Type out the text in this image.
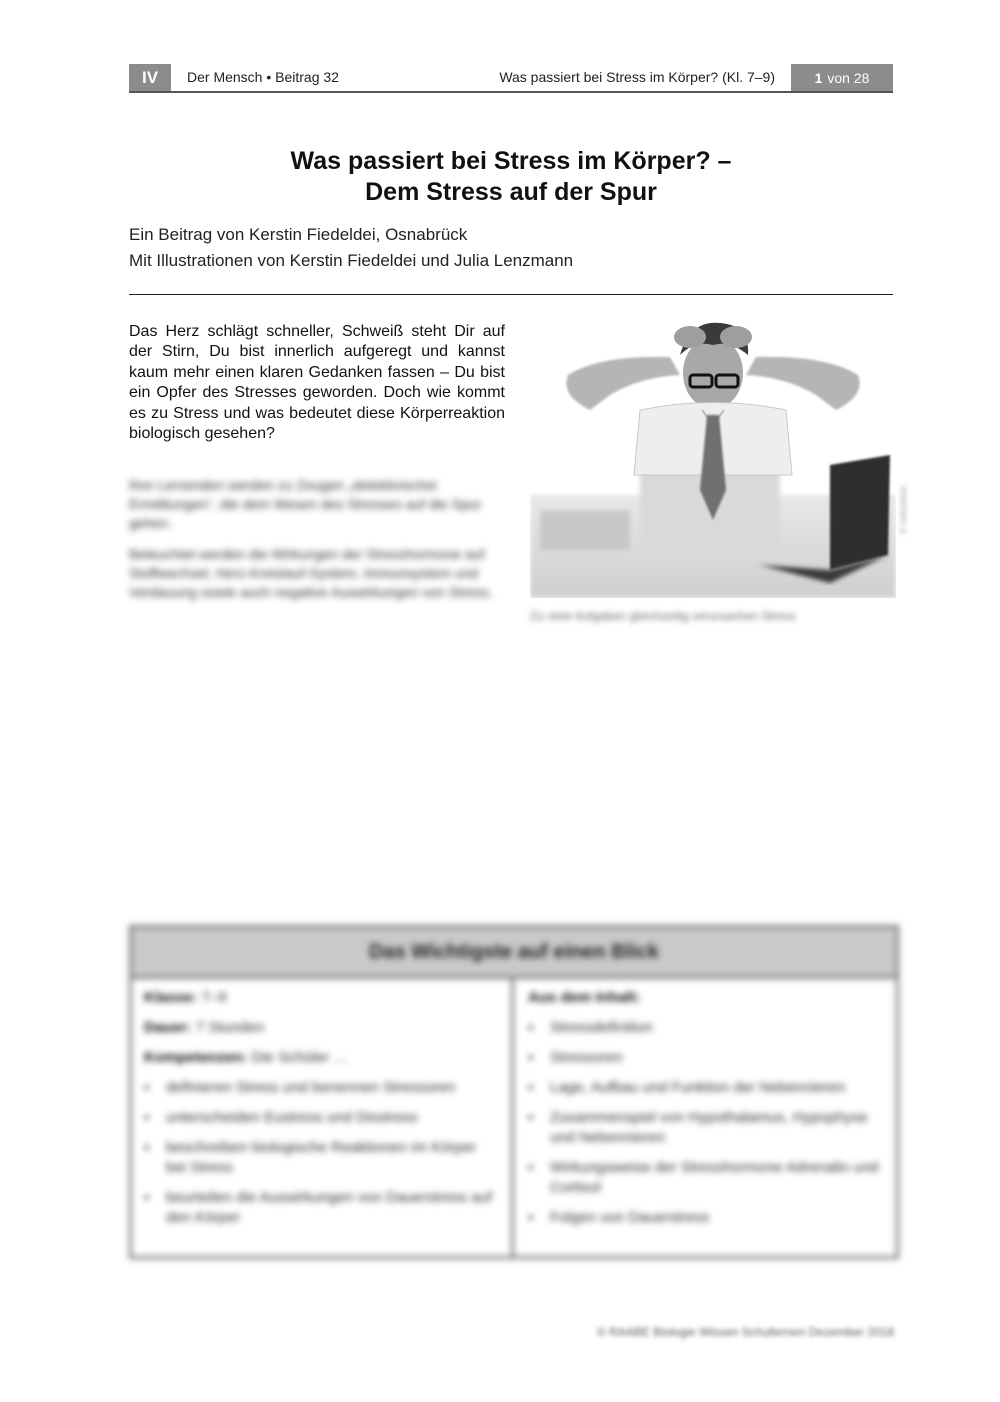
IV	Der Mensch • Beitrag 32	Was passiert bei Stress im Körper? (Kl. 7–9)	1 von 28
Was passiert bei Stress im Körper? –
Dem Stress auf der Spur
Ein Beitrag von Kerstin Fiedeldei, Osnabrück
Mit Illustrationen von Kerstin Fiedeldei und Julia Lenzmann
Das Herz schlägt schneller, Schweiß steht Dir auf der Stirn, Du bist innerlich aufgeregt und kannst kaum mehr einen klaren Gedanken fassen – Du bist ein Opfer des Stresses geworden. Doch wie kommt es zu Stress und was bedeutet diese Körperreaktion biologisch gesehen?
Ihre Lernenden werden zu Zeugen „detektivischer Ermittlungen“, die dem Wesen des Stresses auf die Spur gehen.
Beleuchtet werden die Wirkungen der Stresshormone auf Stoffwechsel, Herz-Kreislauf-System, Immunsystem und Verdauung sowie auch negative Auswirkungen von Stress.
Zu viele Aufgaben gleichzeitig verursachen Stress
© colourbox
Das Wichtigste auf einen Blick
Klasse: 7–9
Dauer: 7 Stunden
Kompetenzen: Die Schüler …
▪	definieren Stress und benennen Stressoren
▪	unterscheiden Eustress und Disstress
▪	beschreiben biologische Reaktionen im Körper bei Stress
▪	beurteilen die Auswirkungen von Dauerstress auf den Körper
Aus dem Inhalt:
▪	Stressdefinition
▪	Stressoren
▪	Lage, Aufbau und Funktion der Nebennieren
▪	Zusammenspiel von Hypothalamus, Hypophyse und Nebennieren
▪	Wirkungsweise der Stresshormone Adrenalin und Cortisol
▪	Folgen von Dauerstress
© RAABE Biologie Wissen Schullernen Dezember 2018
